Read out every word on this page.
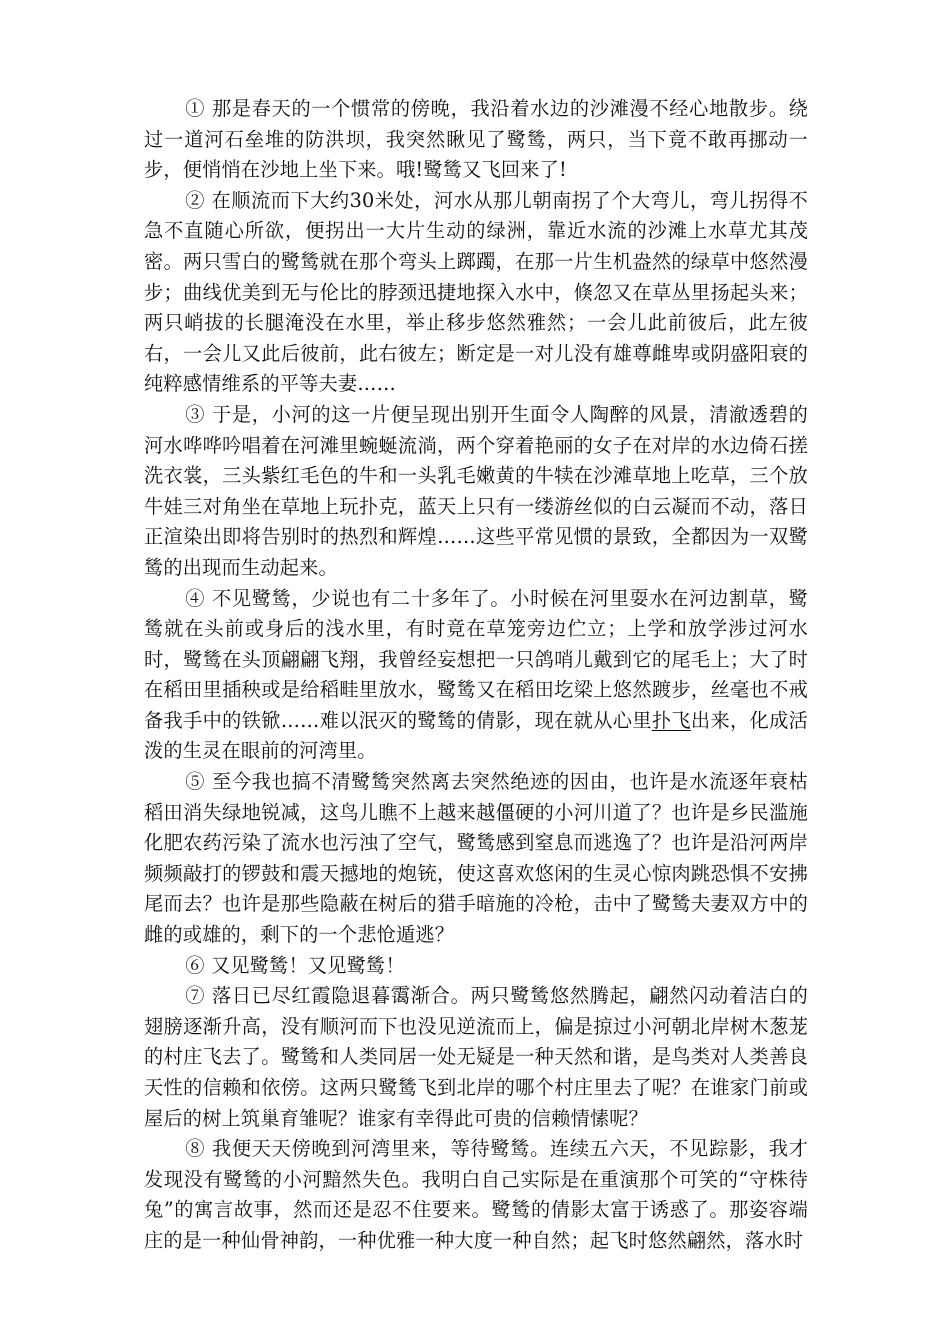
① 那是春天的一个惯常的傍晚，我沿着水边的沙滩漫不经心地散步。绕过一道河石垒堆的防洪坝，我突然瞅见了鹭鸶，两只，当下竟不敢再挪动一步，便悄悄在沙地上坐下来。哦!鹭鸶又飞回来了!

② 在顺流而下大约30米处，河水从那儿朝南拐了个大弯儿，弯儿拐得不急不直随心所欲，便拐出一大片生动的绿洲，靠近水流的沙滩上水草尤其茂密。两只雪白的鹭鸶就在那个弯头上踯躅，在那一片生机盎然的绿草中悠然漫步；曲线优美到无与伦比的脖颈迅捷地探入水中，倏忽又在草丛里扬起头来；两只峭拔的长腿淹没在水里，举止移步悠然雅然；一会儿此前彼后，此左彼右，一会儿又此后彼前，此右彼左；断定是一对儿没有雄尊雌卑或阴盛阳衰的纯粹感情维系的平等夫妻……

③ 于是，小河的这一片便呈现出别开生面令人陶醉的风景，清澈透碧的河水哗哗吟唱着在河滩里蜿蜒流淌，两个穿着艳丽的女子在对岸的水边倚石搓洗衣裳，三头紫红毛色的牛和一头乳毛嫩黄的牛犊在沙滩草地上吃草，三个放牛娃三对角坐在草地上玩扑克，蓝天上只有一缕游丝似的白云凝而不动，落日正渲染出即将告别时的热烈和辉煌……这些平常见惯的景致，全都因为一双鹭鸶的出现而生动起来。

④ 不见鹭鸶，少说也有二十多年了。小时候在河里耍水在河边割草，鹭鸶就在头前或身后的浅水里，有时竟在草笼旁边伫立；上学和放学涉过河水时，鹭鸶在头顶翩翩飞翔，我曾经妄想把一只鸽哨儿戴到它的尾毛上；大了时在稻田里插秧或是给稻畦里放水，鹭鸶又在稻田圪梁上悠然踱步，丝毫也不戒备我手中的铁锨……难以泯灭的鹭鸶的倩影，现在就从心里扑飞出来，化成活泼的生灵在眼前的河湾里。

⑤ 至今我也搞不清鹭鸶突然离去突然绝迹的因由，也许是水流逐年衰枯稻田消失绿地锐减，这鸟儿瞧不上越来越僵硬的小河川道了？也许是乡民滥施化肥农药污染了流水也污浊了空气，鹭鸶感到窒息而逃逸了？也许是沿河两岸频频敲打的锣鼓和震天撼地的炮铳，使这喜欢悠闲的生灵心惊肉跳恐惧不安拂尾而去？也许是那些隐蔽在树后的猎手暗施的冷枪，击中了鹭鸶夫妻双方中的雌的或雄的，剩下的一个悲怆遁逃？

⑥ 又见鹭鸶！又见鹭鸶！

⑦ 落日已尽红霞隐退暮霭渐合。两只鹭鸶悠然腾起，翩然闪动着洁白的翅膀逐渐升高，没有顺河而下也没见逆流而上，偏是掠过小河朝北岸树木葱茏的村庄飞去了。鹭鸶和人类同居一处无疑是一种天然和谐，是鸟类对人类善良天性的信赖和依傍。这两只鹭鸶飞到北岸的哪个村庄里去了呢？在谁家门前或屋后的树上筑巢育雏呢？谁家有幸得此可贵的信赖情愫呢？

⑧ 我便天天傍晚到河湾里来，等待鹭鸶。连续五六天，不见踪影，我才发现没有鹭鸶的小河黯然失色。我明白自己实际是在重演那个可笑的“守株待兔”的寓言故事，然而还是忍不住要来。鹭鸶的倩影太富于诱惑了。那姿容端庄的是一种仙骨神韵，一种优雅一种大度一种自然；起飞时悠然翩然，落水时
